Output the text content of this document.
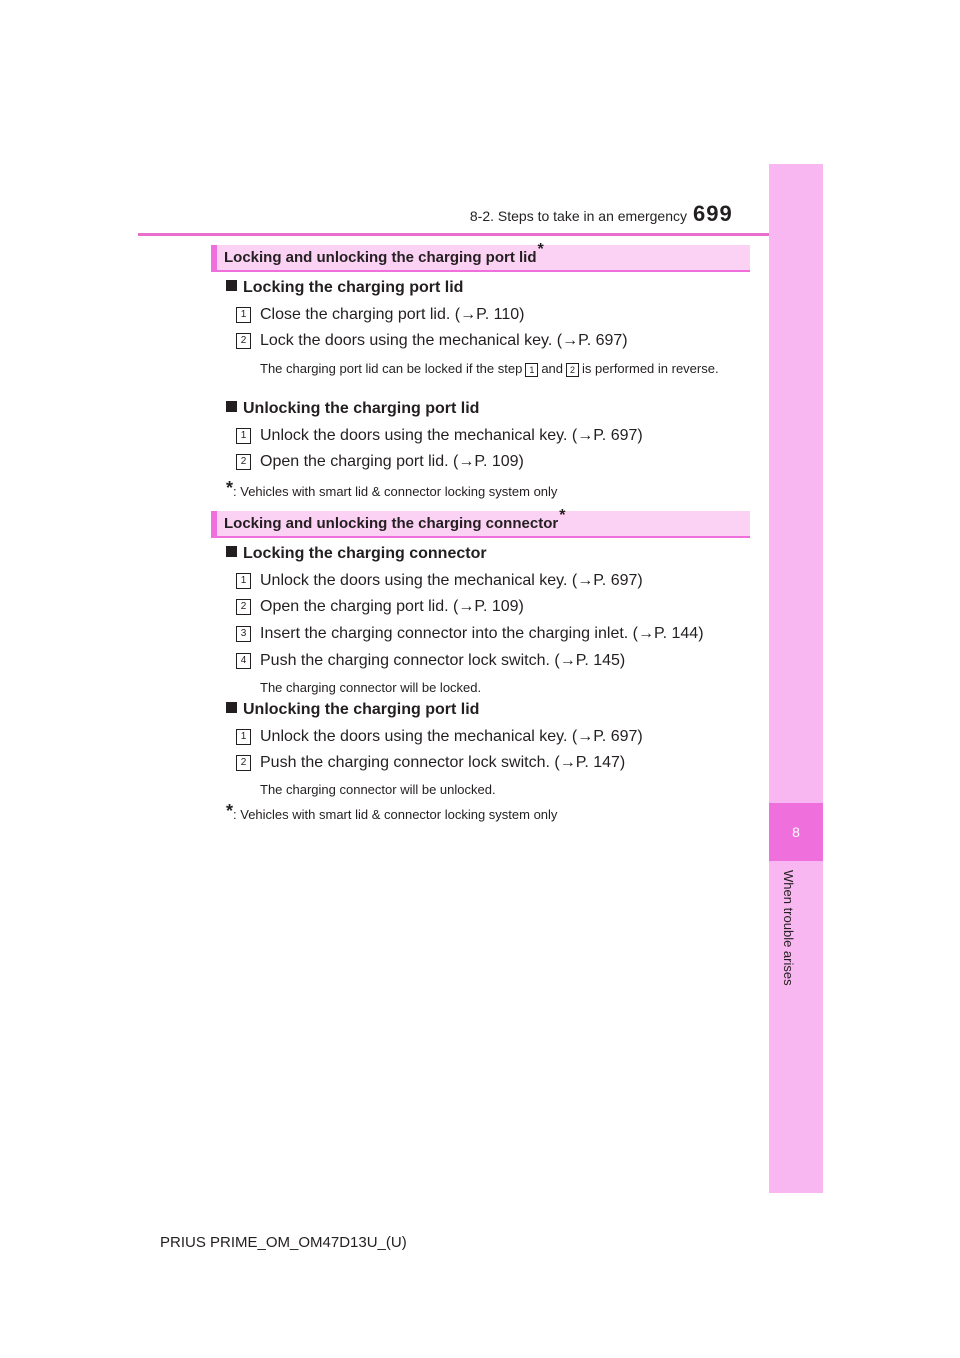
8-2. Steps to take in an emergency 699
8
When trouble arises
Locking and unlocking the charging port lid*
Locking the charging port lid
1 Close the charging port lid. (→P. 110)
2 Lock the doors using the mechanical key. (→P. 697)
The charging port lid can be locked if the step 1 and 2 is performed in reverse.
Unlocking the charging port lid
1 Unlock the doors using the mechanical key. (→P. 697)
2 Open the charging port lid. (→P. 109)
*: Vehicles with smart lid & connector locking system only
Locking and unlocking the charging connector*
Locking the charging connector
1 Unlock the doors using the mechanical key. (→P. 697)
2 Open the charging port lid. (→P. 109)
3 Insert the charging connector into the charging inlet. (→P. 144)
4 Push the charging connector lock switch. (→P. 145)
The charging connector will be locked.
Unlocking the charging port lid
1 Unlock the doors using the mechanical key. (→P. 697)
2 Push the charging connector lock switch. (→P. 147)
The charging connector will be unlocked.
*: Vehicles with smart lid & connector locking system only
PRIUS PRIME_OM_OM47D13U_(U)
